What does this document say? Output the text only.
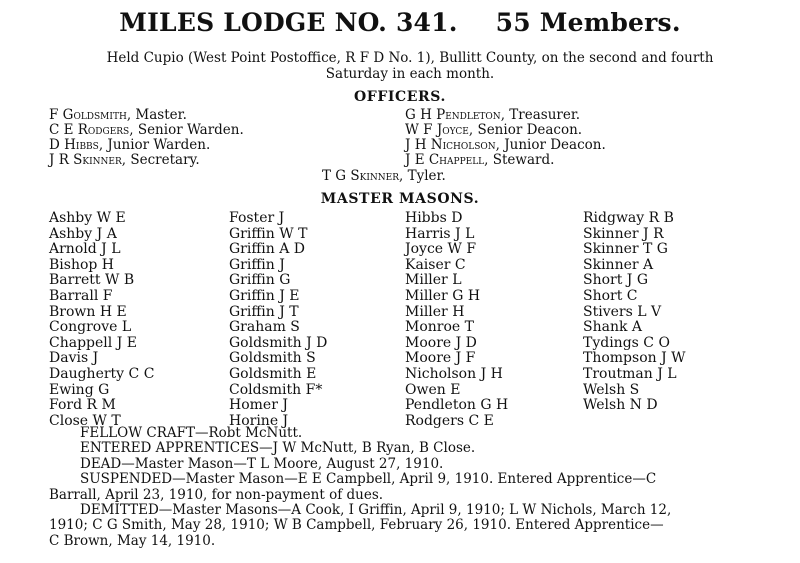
MILES LODGE NO. 341. 55 Members.
Held Cupio (West Point Postoffice, R F D No. 1), Bullitt County, on the second and fourth
Saturday in each month.
OFFICERS.
F Goldsmith, Master.
C E Rodgers, Senior Warden.
D Hibbs, Junior Warden.
J R Skinner, Secretary.
G H Pendleton, Treasurer.
W F Joyce, Senior Deacon.
J H Nicholson, Junior Deacon.
J E Chappell, Steward.
T G Skinner, Tyler.
MASTER MASONS.
Ashby W E
Ashby J A
Arnold J L
Bishop H
Barrett W B
Barrall F
Brown H E
Congrove L
Chappell J E
Davis J
Daugherty C C
Ewing G
Ford R M
Close W T
Foster J
Griffin W T
Griffin A D
Griffin J
Griffin G
Griffin J E
Griffin J T
Graham S
Goldsmith J D
Goldsmith S
Goldsmith E
Coldsmith F*
Homer J
Horine J
Hibbs D
Harris J L
Joyce W F
Kaiser C
Miller L
Miller G H
Miller H
Monroe T
Moore J D
Moore J F
Nicholson J H
Owen E
Pendleton G H
Rodgers C E
Ridgway R B
Skinner J R
Skinner T G
Skinner A
Short J G
Short C
Stivers L V
Shank A
Tydings C O
Thompson J W
Troutman J L
Welsh S
Welsh N D
FELLOW CRAFT—Robt McNutt.
ENTERED APPRENTICES—J W McNutt, B Ryan, B Close.
DEAD—Master Mason—T L Moore, August 27, 1910.
SUSPENDED—Master Mason—E E Campbell, April 9, 1910. Entered Apprentice—C
Barrall, April 23, 1910, for non-payment of dues.
DEMITTED—Master Masons—A Cook, I Griffin, April 9, 1910; L W Nichols, March 12,
1910; C G Smith, May 28, 1910; W B Campbell, February 26, 1910. Entered Apprentice—
C Brown, May 14, 1910.
